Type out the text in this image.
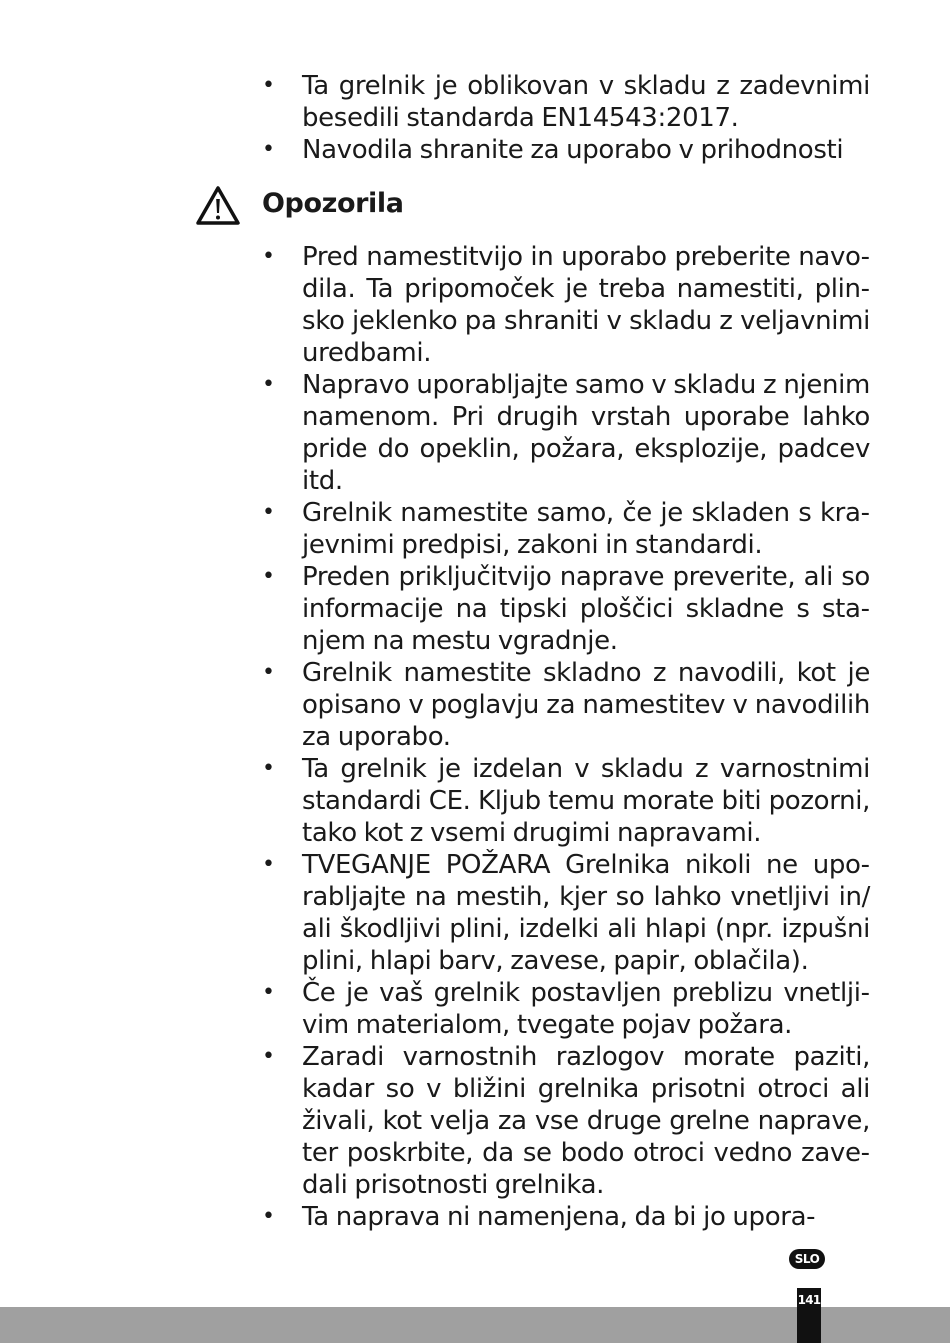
• Ta grelnik je oblikovan v skladu z zadevnimi besedili standarda EN14543:2017.
• Navodila shranite za uporabo v prihodnosti
Opozorila
• Pred namestitvijo in uporabo preberite navodila. Ta pripomoček je treba namestiti, plinsko jeklenko pa shraniti v skladu z veljavnimi uredbami.
• Napravo uporabljajte samo v skladu z njenim namenom. Pri drugih vrstah uporabe lahko pride do opeklin, požara, eksplozije, padcev itd.
• Grelnik namestite samo, če je skladen s krajevnimi predpisi, zakoni in standardi.
• Preden priključitvijo naprave preverite, ali so informacije na tipski ploščici skladne s stanjem na mestu vgradnje.
• Grelnik namestite skladno z navodili, kot je opisano v poglavju za namestitev v navodilih za uporabo.
• Ta grelnik je izdelan v skladu z varnostnimi standardi CE. Kljub temu morate biti pozorni, tako kot z vsemi drugimi napravami.
• TVEGANJE POŽARA Grelnika nikoli ne uporabljajte na mestih, kjer so lahko vnetljivi in/​ali škodljivi plini, izdelki ali hlapi (npr. izpušni plini, hlapi barv, zavese, papir, oblačila).
• Če je vaš grelnik postavljen preblizu vnetljivim materialom, tvegate pojav požara.
• Zaradi varnostnih razlogov morate paziti, kadar so v bližini grelnika prisotni otroci ali živali, kot velja za vse druge grelne naprave, ter poskrbite, da se bodo otroci vedno zavedali prisotnosti grelnika.
• Ta naprava ni namenjena, da bi jo upora-
SLO
141
